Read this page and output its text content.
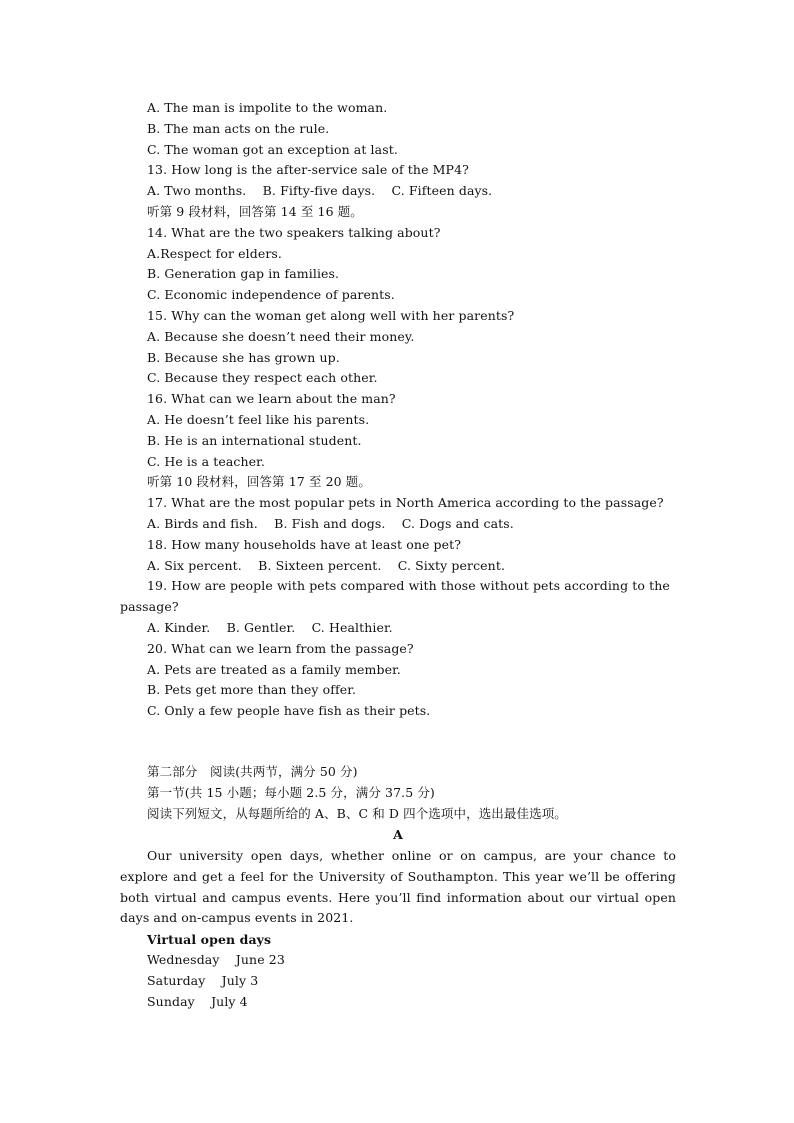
A. The man is impolite to the woman.
B. The man acts on the rule.
C. The woman got an exception at last.
13. How long is the after-service sale of the MP4?
A. Two months.    B. Fifty-five days.    C. Fifteen days.
听第 9 段材料，回答第 14 至 16 题。
14. What are the two speakers talking about?
A.Respect for elders.
B. Generation gap in families.
C. Economic independence of parents.
15. Why can the woman get along well with her parents?
A. Because she doesn’t need their money.
B. Because she has grown up.
C. Because they respect each other.
16. What can we learn about the man?
A. He doesn’t feel like his parents.
B. He is an international student.
C. He is a teacher.
听第 10 段材料，回答第 17 至 20 题。
17. What are the most popular pets in North America according to the passage?
A. Birds and fish.    B. Fish and dogs.    C. Dogs and cats.
18. How many households have at least one pet?
A. Six percent.    B. Sixteen percent.    C. Sixty percent.
19. How are people with pets compared with those without pets according to the
passage?
A. Kinder.    B. Gentler.    C. Healthier.
20. What can we learn from the passage?
A. Pets are treated as a family member.
B. Pets get more than they offer.
C. Only a few people have fish as their pets.
第二部分　阅读(共两节，满分 50 分)
第一节(共 15 小题；每小题 2.5 分，满分 37.5 分)
阅读下列短文，从每题所给的 A、B、C 和 D 四个选项中，选出最佳选项。
A
Our university open days, whether online or on campus, are your chance to explore and get a feel for the University of Southampton. This year we’ll be offering both virtual and campus events. Here you’ll find information about our virtual open days and on-campus events in 2021.
Virtual open days
Wednesday    June 23
Saturday    July 3
Sunday    July 4
